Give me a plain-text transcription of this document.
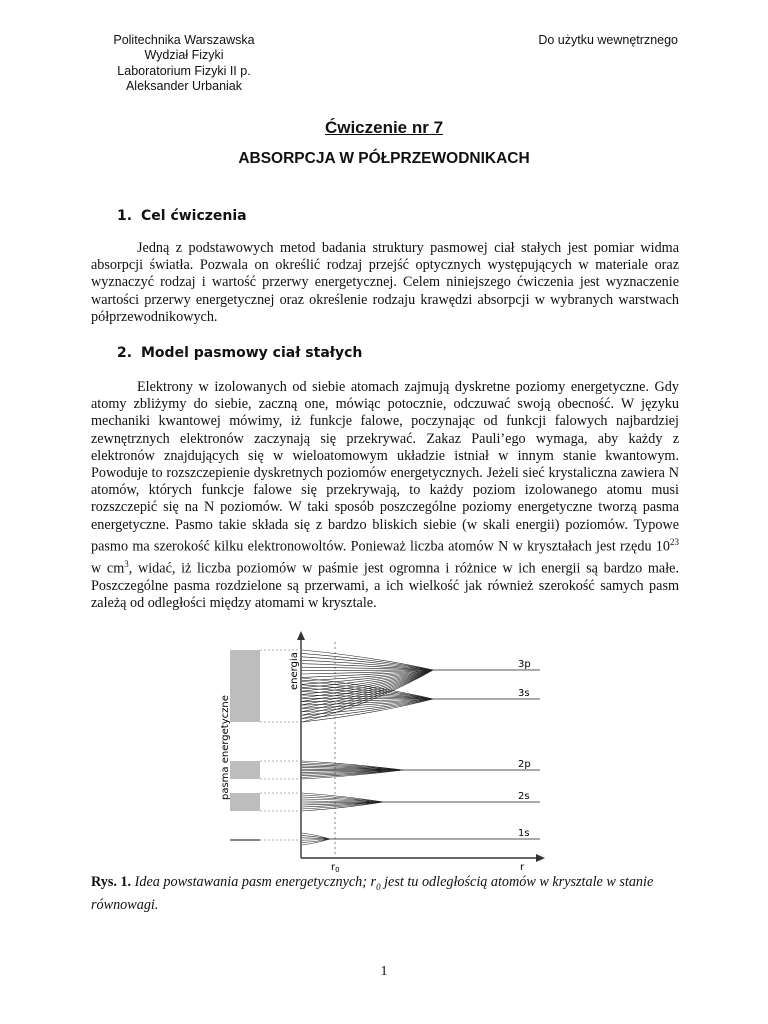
Politechnika Warszawska
Wydział Fizyki
Laboratorium Fizyki II p.
Aleksander Urbaniak
Do użytku wewnętrznego
Ćwiczenie nr 7
ABSORPCJA W PÓŁPRZEWODNIKACH
1. Cel ćwiczenia

Jedną z podstawowych metod badania struktury pasmowej ciał stałych jest pomiar widma absorpcji światła. Pozwala on określić rodzaj przejść optycznych występujących w materiale oraz wyznaczyć rodzaj i wartość przerwy energetycznej. Celem niniejszego ćwiczenia jest wyznaczenie wartości przerwy energetycznej oraz określenie rodzaju krawędzi absorpcji w wybranych warstwach półprzewodnikowych.

2. Model pasmowy ciał stałych

Elektrony w izolowanych od siebie atomach zajmują dyskretne poziomy energetyczne. Gdy atomy zbliżymy do siebie, zaczną one, mówiąc potocznie, odczuwać swoją obecność. W języku mechaniki kwantowej mówimy, iż funkcje falowe, poczynając od funkcji falowych najbardziej zewnętrznych elektronów zaczynają się przekrywać. Zakaz Pauli’ego wymaga, aby każdy z elektronów znajdujących się w wieloatomowym układzie istniał w innym stanie kwantowym. Powoduje to rozszczepienie dyskretnych poziomów energetycznych. Jeżeli sieć krystaliczna zawiera N atomów, których funkcje falowe się przekrywają, to każdy poziom izolowanego atomu musi rozszczepić się na N poziomów. W taki sposób poszczególne poziomy energetyczne tworzą pasma energetyczne. Pasmo takie składa się z bardzo bliskich siebie (w skali energii) poziomów. Typowe pasmo ma szerokość kilku elektronowoltów. Ponieważ liczba atomów N w kryształach jest rzędu $10^{23}$ w $cm^3$, widać, iż liczba poziomów w paśmie jest ogromna i różnice w ich energii są bardzo małe. Poszczególne pasma rozdzielone są przerwami, a ich wielkość jak również szerokość samych pasm zależą od odległości między atomami w krysztale.

3p
3s
2p
2s
1s
energia
pasma energetyczne
r
$r_0$
Rys. 1. Idea powstawania pasm energetycznych; $r_0$ jest tu odległością atomów w krysztale w stanie równowagi.
1
